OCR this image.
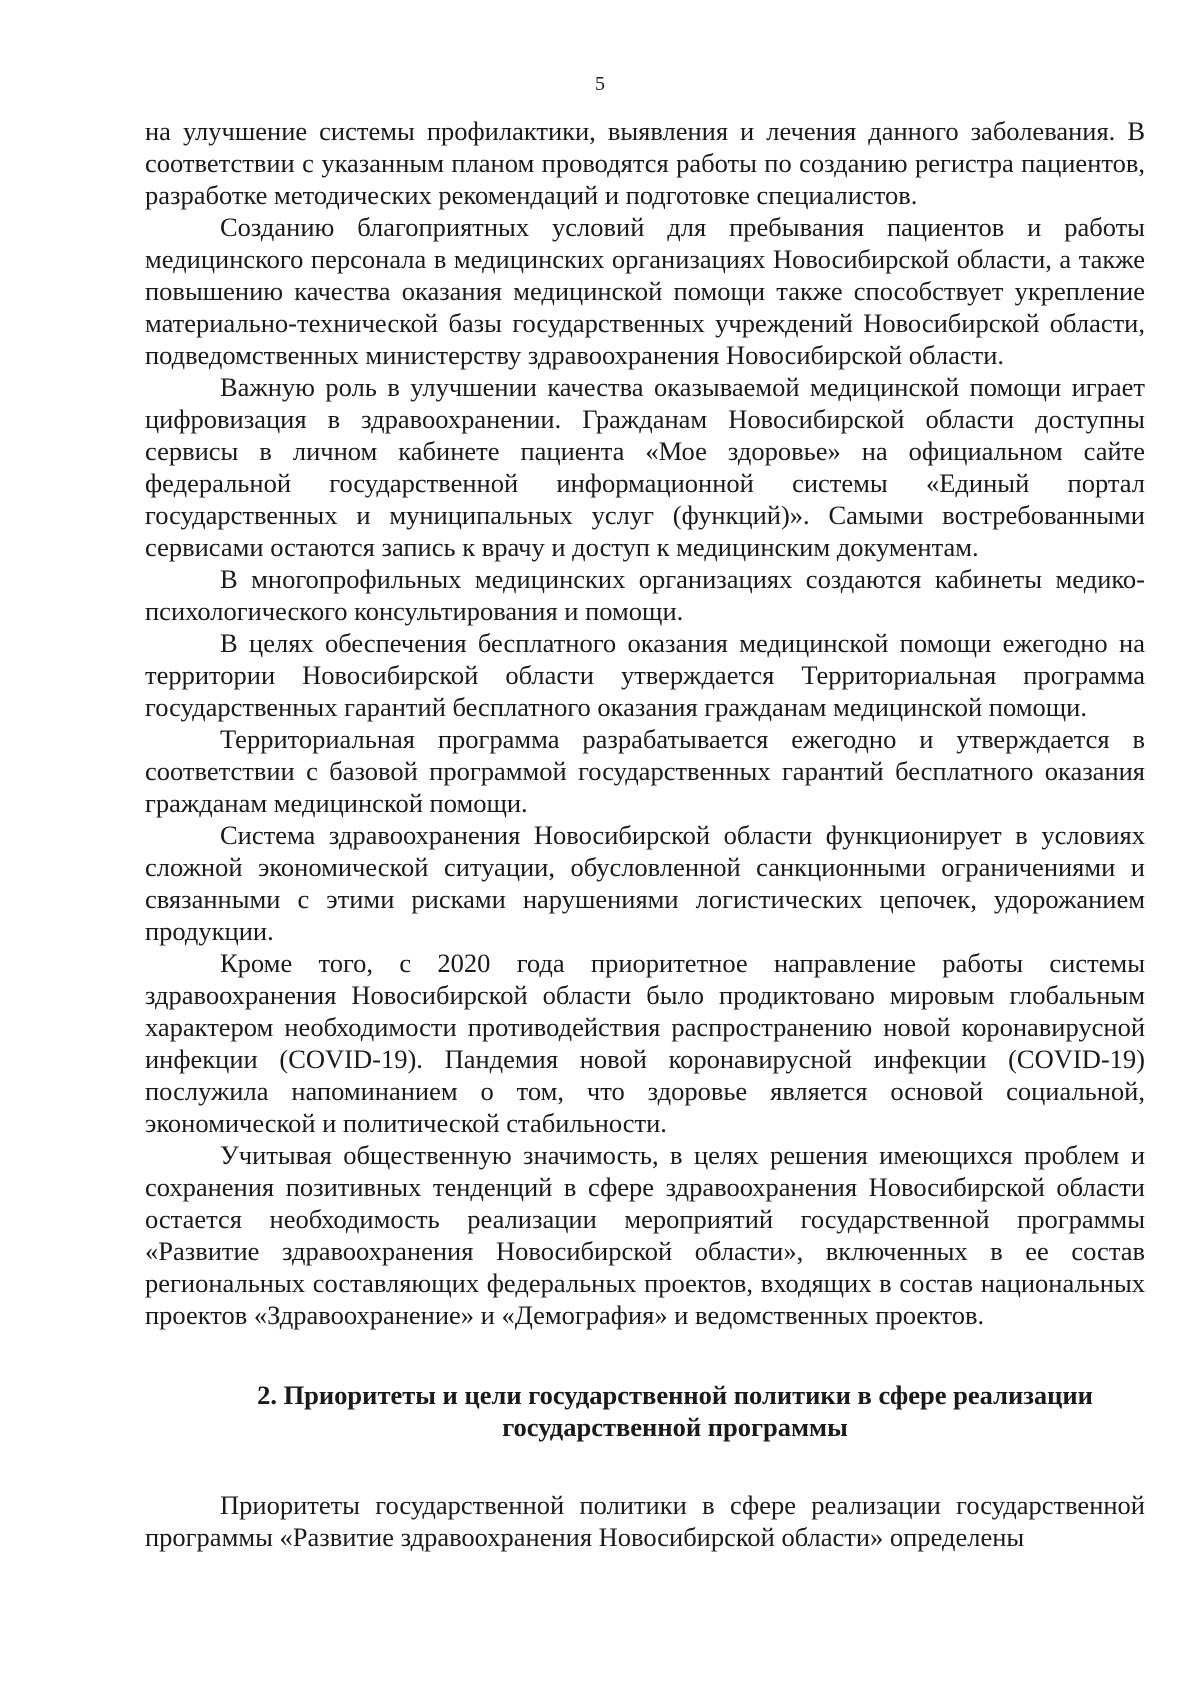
5

на улучшение системы профилактики, выявления и лечения данного заболевания. В соответствии с указанным планом проводятся работы по созданию регистра пациентов, разработке методических рекомендаций и подготовке специалистов.

Созданию благоприятных условий для пребывания пациентов и работы медицинского персонала в медицинских организациях Новосибирской области, а также повышению качества оказания медицинской помощи также способствует укрепление материально-технической базы государственных учреждений Новосибирской области, подведомственных министерству здравоохранения Новосибирской области.

Важную роль в улучшении качества оказываемой медицинской помощи играет цифровизация в здравоохранении. Гражданам Новосибирской области доступны сервисы в личном кабинете пациента «Мое здоровье» на официальном сайте федеральной государственной информационной системы «Единый портал государственных и муниципальных услуг (функций)». Самыми востребованными сервисами остаются запись к врачу и доступ к медицинским документам.

В многопрофильных медицинских организациях создаются кабинеты медико-психологического консультирования и помощи.

В целях обеспечения бесплатного оказания медицинской помощи ежегодно на территории Новосибирской области утверждается Территориальная программа государственных гарантий бесплатного оказания гражданам медицинской помощи.

Территориальная программа разрабатывается ежегодно и утверждается в соответствии с базовой программой государственных гарантий бесплатного оказания гражданам медицинской помощи.

Система здравоохранения Новосибирской области функционирует в условиях сложной экономической ситуации, обусловленной санкционными ограничениями и связанными с этими рисками нарушениями логистических цепочек, удорожанием продукции.

Кроме того, с 2020 года приоритетное направление работы системы здравоохранения Новосибирской области было продиктовано мировым глобальным характером необходимости противодействия распространению новой коронавирусной инфекции (COVID-19). Пандемия новой коронавирусной инфекции (COVID-19) послужила напоминанием о том, что здоровье является основой социальной, экономической и политической стабильности.

Учитывая общественную значимость, в целях решения имеющихся проблем и сохранения позитивных тенденций в сфере здравоохранения Новосибирской области остается необходимость реализации мероприятий государственной программы «Развитие здравоохранения Новосибирской области», включенных в ее состав региональных составляющих федеральных проектов, входящих в состав национальных проектов «Здравоохранение» и «Демография» и ведомственных проектов.

2. Приоритеты и цели государственной политики в сфере реализации
государственной программы

Приоритеты государственной политики в сфере реализации государственной программы «Развитие здравоохранения Новосибирской области» определены
